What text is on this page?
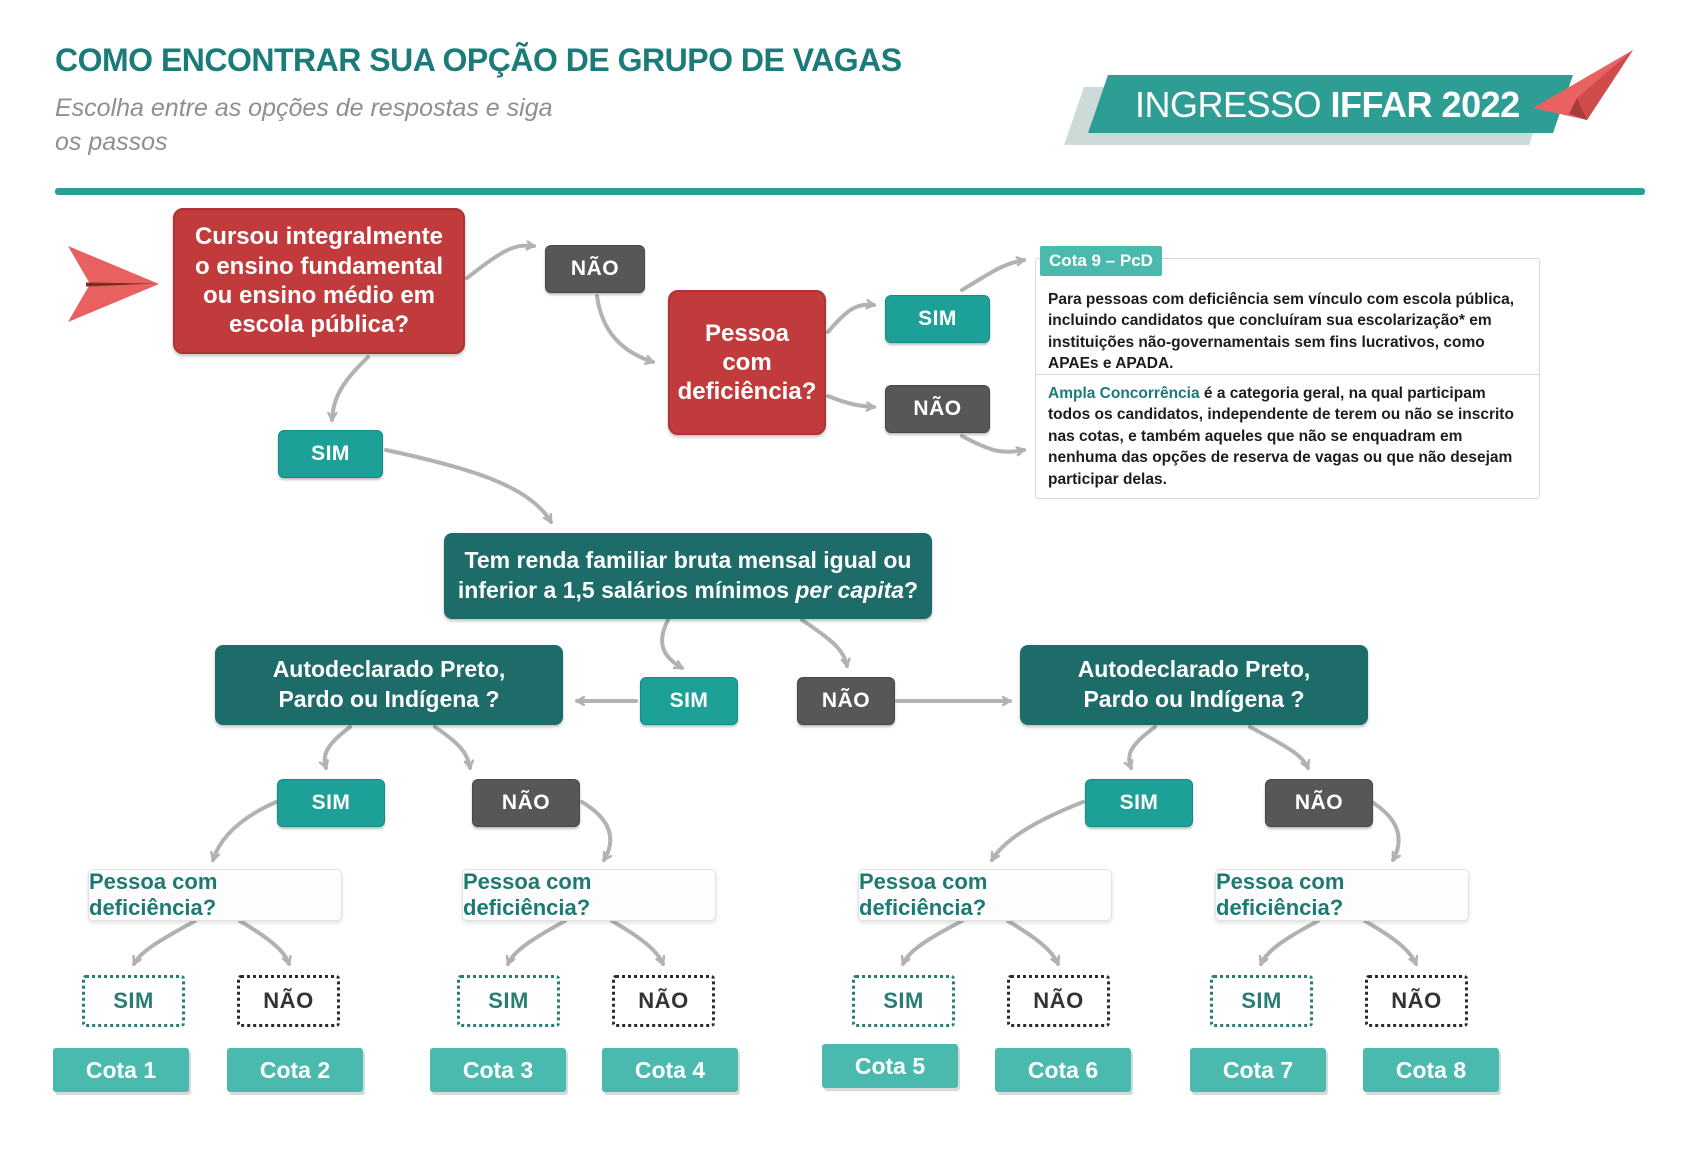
COMO ENCONTRAR SUA OPÇÃO DE GRUPO DE VAGAS
Escolha entre as opções de respostas e siga
os passos
INGRESSO IFFAR 2022
Cursou integralmente o ensino fundamental ou ensino médio em escola pública?
NÃO
Pessoa com deficiência?
SIM
NÃO
Para pessoas com deficiência sem vínculo com escola pública, incluindo candidatos que concluíram sua escolarização* em instituições não-governamentais sem fins lucrativos, como APAEs e APADA.
Cota 9 – PcD
Ampla Concorrência é a categoria geral, na qual participam todos os candidatos, independente de terem ou não se inscrito nas cotas, e também aqueles que não se enquadram em nenhuma das opções de reserva de vagas ou que não desejam participar delas.
SIM
Tem renda familiar bruta mensal igual ou
inferior a 1,5 salários mínimos per capita?
Autodeclarado Preto,
Pardo ou Indígena ?
Autodeclarado Preto,
Pardo ou Indígena ?
SIM	NÃO
SIM	NÃO	SIM	NÃO
Pessoa com deficiência?
Pessoa com deficiência?
Pessoa com deficiência?
Pessoa com deficiência?
SIM	NÃO	SIM	NÃO	SIM	NÃO	SIM	NÃO
Cota 1	Cota 2	Cota 3	Cota 4	Cota 5	Cota 6	Cota 7	Cota 8
